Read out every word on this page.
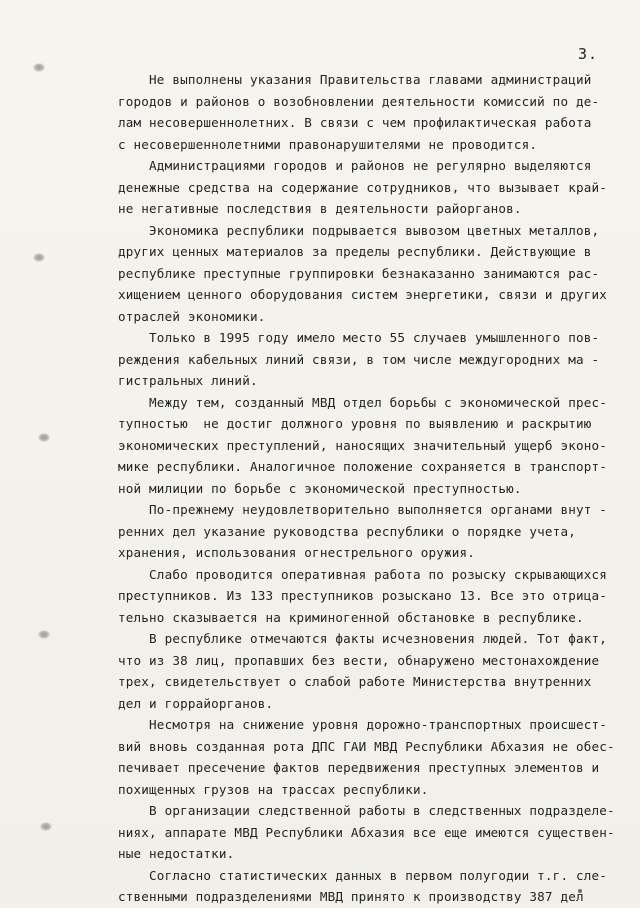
3.
Не выполнены указания Правительства главами администраций
городов и районов о возобновлении деятельности комиссий по де-
лам несовершеннолетних. В связи с чем профилактическая работа
с несовершеннолетними правонарушителями не проводится.
Администрациями городов и районов не регулярно выделяются
денежные средства на содержание сотрудников, что вызывает край-
не негативные последствия в деятельности райорганов.
Экономика республики подрывается вывозом цветных металлов,
других ценных материалов за пределы республики. Действующие в
республике преступные группировки безнаказанно занимаются рас-
хищением ценного оборудования систем энергетики, связи и других
отраслей экономики.
Только в 1995 году имело место 55 случаев умышленного пов-
реждения кабельных линий связи, в том числе междугородних ма -
гистральных линий.
Между тем, созданный МВД отдел борьбы с экономической прес-
тупностью  не достиг должного уровня по выявлению и раскрытию
экономических преступлений, наносящих значительный ущерб эконо-
мике республики. Аналогичное положение сохраняется в транспорт-
ной милиции по борьбе с экономической преступностью.
По-прежнему неудовлетворительно выполняется органами внут -
ренних дел указание руководства республики о порядке учета,
хранения, использования огнестрельного оружия.
Слабо проводится оперативная работа по розыску скрывающихся
преступников. Из 133 преступников розыскано 13. Все это отрица-
тельно сказывается на криминогенной обстановке в республике.
В республике отмечаются факты исчезновения людей. Тот факт,
что из 38 лиц, пропавших без вести, обнаружено местонахождение
трех, свидетельствует о слабой работе Министерства внутренних
дел и горрайорганов.
Несмотря на снижение уровня дорожно-транспортных происшест-
вий вновь созданная рота ДПС ГАИ МВД Республики Абхазия не обес-
печивает пресечение фактов передвижения преступных элементов и
похищенных грузов на трассах республики.
В организации следственной работы в следственных подразделе-
ниях, аппарате МВД Республики Абхазия все еще имеются существен-
ные недостатки.
Согласно статистических данных в первом полугодии т.г. сле-
ственными подразделениями МВД принято к производству 387 дел
